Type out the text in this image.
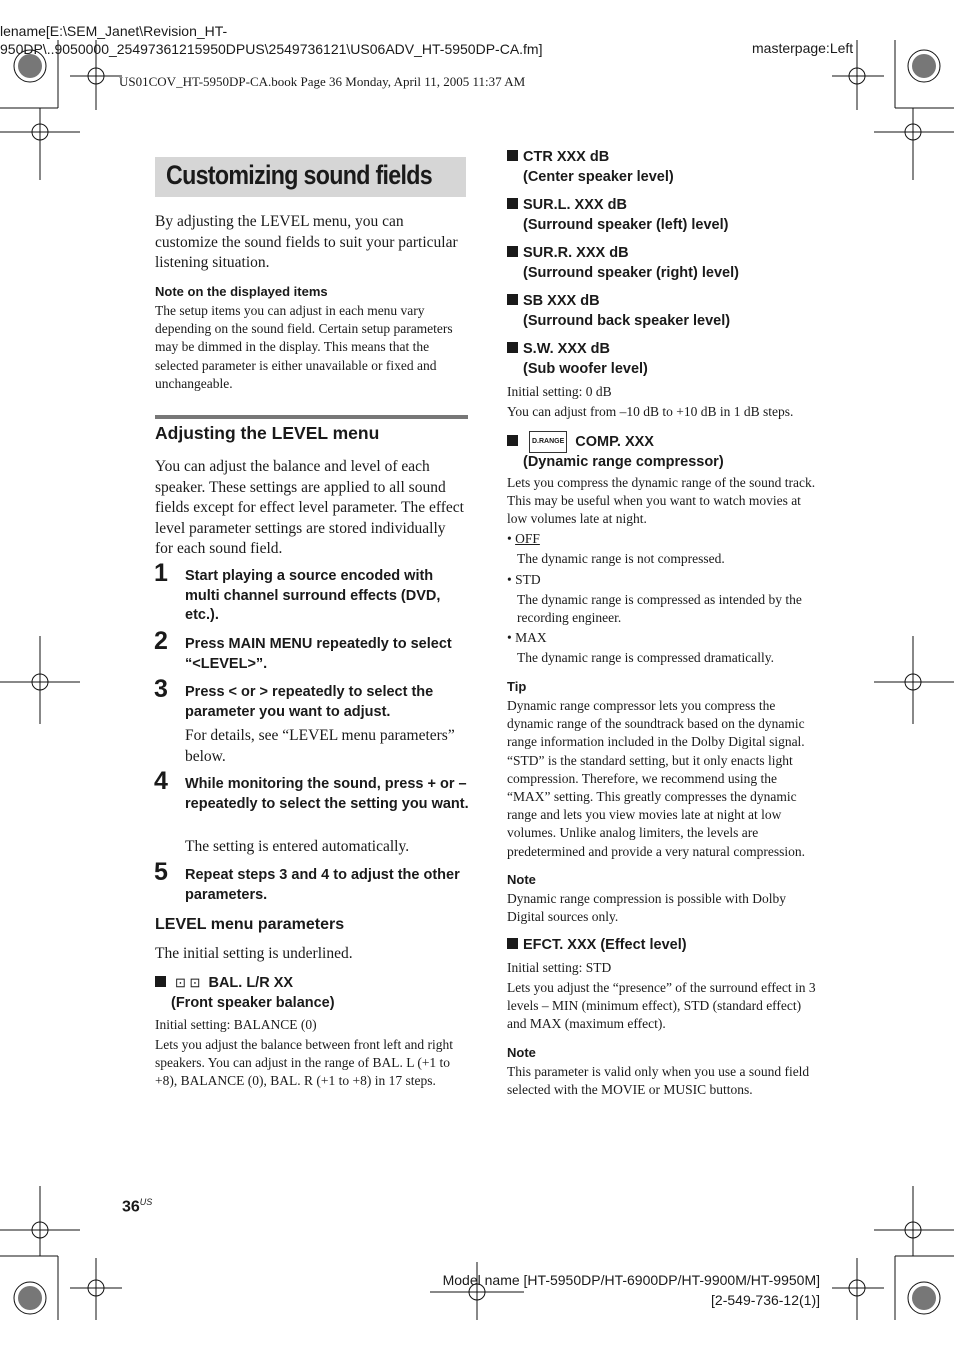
lename[E:\SEM_Janet\Revision_HT-
950DP\..9050000_25497361215950DPUS\2549736121\US06ADV_HT-5950DP-CA.fm]	masterpage:Left
US01COV_HT-5950DP-CA.book Page 36 Monday, April 11, 2005 11:37 AM
Customizing sound fields
By adjusting the LEVEL menu, you can customize the sound fields to suit your particular listening situation.
Note on the displayed items
The setup items you can adjust in each menu vary depending on the sound field. Certain setup parameters may be dimmed in the display. This means that the selected parameter is either unavailable or fixed and unchangeable.
Adjusting the LEVEL menu
You can adjust the balance and level of each speaker. These settings are applied to all sound fields except for effect level parameter. The effect level parameter settings are stored individually for each sound field.
1 Start playing a source encoded with multi channel surround effects (DVD, etc.).
2 Press MAIN MENU repeatedly to select “<LEVEL>”.
3 Press < or > repeatedly to select the parameter you want to adjust.
For details, see “LEVEL menu parameters” below.
4 While monitoring the sound, press + or – repeatedly to select the setting you want.
The setting is entered automatically.
5 Repeat steps 3 and 4 to adjust the other parameters.
LEVEL menu parameters
The initial setting is underlined.
⊡ ⊡ BAL. L/R XX
(Front speaker balance)
Initial setting: BALANCE (0)
Lets you adjust the balance between front left and right speakers. You can adjust in the range of BAL. L (+1 to +8), BALANCE (0), BAL. R (+1 to +8) in 17 steps.
CTR XXX dB
(Center speaker level)
SUR.L. XXX dB
(Surround speaker (left) level)
SUR.R. XXX dB
(Surround speaker (right) level)
SB XXX dB
(Surround back speaker level)
S.W. XXX dB
(Sub woofer level)
Initial setting: 0 dB
You can adjust from –10 dB to +10 dB in 1 dB steps.
D.RANGE COMP. XXX
(Dynamic range compressor)
Lets you compress the dynamic range of the sound track. This may be useful when you want to watch movies at low volumes late at night.
• OFF
The dynamic range is not compressed.
• STD
The dynamic range is compressed as intended by the recording engineer.
• MAX
The dynamic range is compressed dramatically.
Tip
Dynamic range compressor lets you compress the dynamic range of the soundtrack based on the dynamic range information included in the Dolby Digital signal. “STD” is the standard setting, but it only enacts light compression. Therefore, we recommend using the “MAX” setting. This greatly compresses the dynamic range and lets you view movies late at night at low volumes. Unlike analog limiters, the levels are predetermined and provide a very natural compression.
Note
Dynamic range compression is possible with Dolby Digital sources only.
EFCT. XXX (Effect level)
Initial setting: STD
Lets you adjust the “presence” of the surround effect in 3 levels – MIN (minimum effect), STD (standard effect) and MAX (maximum effect).
Note
This parameter is valid only when you use a sound field selected with the MOVIE or MUSIC buttons.
$36^{US}$
Model name [HT-5950DP/HT-6900DP/HT-9900M/HT-9950M]
[2-549-736-12(1)]
